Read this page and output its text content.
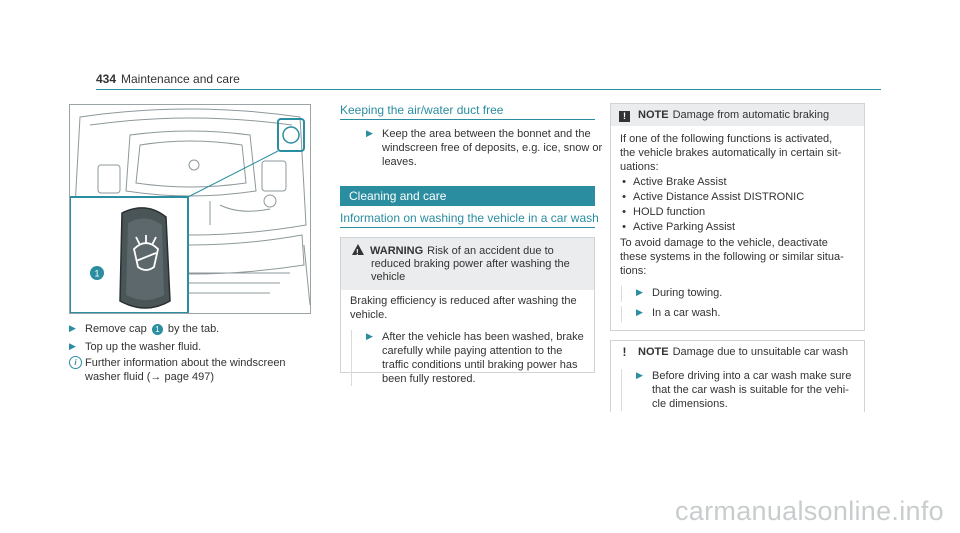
434 Maintenance and care
1
▶ Remove cap 1 by the tab.
▶ Top up the washer fluid.
i Further information about the windscreen
washer fluid (→ page 497)
Keeping the air/water duct free
▶ Keep the area between the bonnet and the
windscreen free of deposits, e.g. ice, snow or
leaves.
Cleaning and care
Information on washing the vehicle in a car wash
! WARNING Risk of an accident due to
reduced braking power after washing the
vehicle
Braking efficiency is reduced after washing the
vehicle.
▶ After the vehicle has been washed, brake
carefully while paying attention to the
traffic conditions until braking power has
been fully restored.
! NOTE Damage from automatic braking
If one of the following functions is activated,
the vehicle brakes automatically in certain sit-
uations:
• Active Brake Assist
• Active Distance Assist DISTRONIC
• HOLD function
• Active Parking Assist
To avoid damage to the vehicle, deactivate
these systems in the following or similar situa-
tions:
▶ During towing.
▶ In a car wash.
! NOTE Damage due to unsuitable car wash
▶ Before driving into a car wash make sure
that the car wash is suitable for the vehi-
cle dimensions.
carmanualsonline.info
